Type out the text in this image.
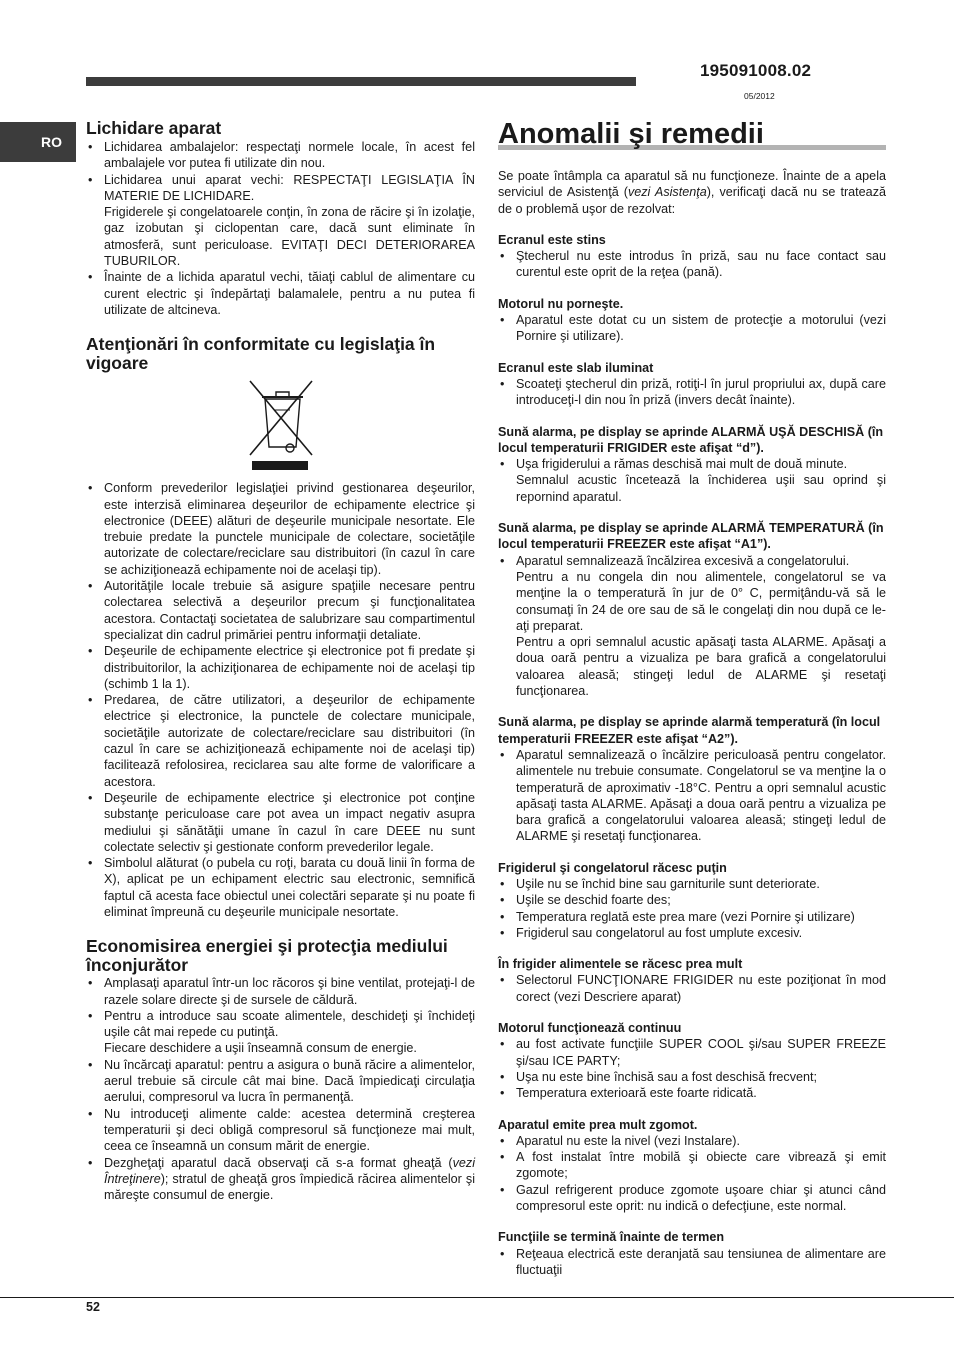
195091008.02
05/2012
RO
Lichidare aparat
• Lichidarea ambalajelor: respectaţi normele locale, în acest fel ambalajele vor putea fi utilizate din nou.
• Lichidarea unui aparat vechi: RESPECTAŢI LEGISLAŢIA ÎN MATERIE DE LICHIDARE.
Frigiderele şi congelatoarele conţin, în zona de răcire şi în izolaţie, gaz izobutan şi ciclopentan care, dacă sunt eliminate în atmosferă, sunt periculoase. EVITAŢI DECI DETERIORAREA TUBURILOR.
• Înainte de a lichida aparatul vechi, tăiaţi cablul de alimentare cu curent electric şi îndepărtaţi balamalele, pentru a nu putea fi utilizate de altcineva.
Atenţionări în conformitate cu legislaţia în vigoare
• Conform prevederilor legislaţiei privind gestionarea deşeurilor, este interzisă eliminarea deşeurilor de echipamente electrice şi electronice (DEEE) alături de deşeurile municipale nesortate. Ele trebuie predate la punctele municipale de colectare, societăţile autorizate de colectare/reciclare sau distribuitori (în cazul în care se achiziţionează echipamente noi de acelaşi tip).
• Autorităţile locale trebuie să asigure spaţiile necesare pentru colectarea selectivă a deşeurilor precum şi funcţionalitatea acestora. Contactaţi societatea de salubrizare sau compartimentul specializat din cadrul primăriei pentru informaţii detaliate.
• Deşeurile de echipamente electrice şi electronice pot fi predate şi distribuitorilor, la achiziţionarea de echipamente noi de acelaşi tip (schimb 1 la 1).
• Predarea, de către utilizatori, a deşeurilor de echipamente electrice şi electronice, la punctele de colectare municipale, societăţile autorizate de colectare/reciclare sau distribuitori (în cazul în care se achiziţionează echipamente noi de acelaşi tip) facilitează refolosirea, reciclarea sau alte forme de valorificare a acestora.
• Deşeurile de echipamente electrice şi electronice pot conţine substanţe periculoase care pot avea un impact negativ asupra mediului şi sănătăţii umane în cazul în care DEEE nu sunt colectate selectiv şi gestionate conform prevederilor legale.
• Simbolul alăturat (o pubela cu roţi, barata cu două linii în forma de X), aplicat pe un echipament electric sau electronic, semnifică faptul că acesta face obiectul unei colectări separate şi nu poate fi eliminat împreună cu deşeurile municipale nesortate.
Economisirea energiei şi protecţia mediului înconjurător
• Amplasaţi aparatul într-un loc răcoros şi bine ventilat, protejaţi-l de razele solare directe şi de sursele de căldură.
• Pentru a introduce sau scoate alimentele, deschideţi şi închideţi uşile cât mai repede cu putinţă.
Fiecare deschidere a uşii înseamnă consum de energie.
• Nu încărcaţi aparatul: pentru a asigura o bună răcire a alimentelor, aerul trebuie să circule cât mai bine. Dacă împiedicaţi circulaţia aerului, compresorul va lucra în permanenţă.
• Nu introduceţi alimente calde: acestea determină creşterea temperaturii şi deci obligă compresorul să funcţioneze mai mult, ceea ce înseamnă un consum mărit de energie.
• Dezgheţaţi aparatul dacă observaţi că s-a format gheaţă (vezi Întreţinere); stratul de gheaţă gros împiedică răcirea alimentelor şi măreşte consumul de energie.
Anomalii şi remedii

Se poate întâmpla ca aparatul să nu funcţioneze. Înainte de a apela serviciul de Asistenţă (vezi Asistenţa), verificaţi dacă nu se tratează de o problemă uşor de rezolvat:

Ecranul este stins

• Ştecherul nu este introdus în priză, sau nu face contact sau curentul este oprit de la reţea (pană).

Motorul nu porneşte.

• Aparatul este dotat cu un sistem de protecţie a motorului (vezi Pornire şi utilizare).

Ecranul este slab iluminat

• Scoateţi ştecherul din priză, rotiţi-l în jurul propriului ax, după care introduceţi-l din nou în priză (invers decât înainte).

Sună alarma, pe display se aprinde ALARMĂ UŞĂ DESCHISĂ (în locul temperaturii FRIGIDER este afişat “d”).

• Uşa frigiderului a rămas deschisă mai mult de două minute.
Semnalul acustic încetează la închiderea uşii sau oprind şi repornind aparatul.

Sună alarma, pe display se aprinde ALARMĂ TEMPERATURĂ (în locul temperaturii FREEZER este afişat “A1”).

• Aparatul semnalizează încălzirea excesivă a congelatorului.
Pentru a nu congela din nou alimentele, congelatorul se va menţine la o temperatură în jur de 0° C, permiţându-vă să le consumaţi în 24 de ore sau de să le congelaţi din nou după ce le-aţi preparat.
Pentru a opri semnalul acustic apăsaţi tasta ALARME. Apăsaţi a doua oară pentru a vizualiza pe bara grafică a congelatorului valoarea aleasă; stingeţi ledul de ALARME şi resetaţi funcţionarea.

Sună alarma, pe display se aprinde alarmă temperatură (în locul temperaturii FREEZER este afişat “A2”).

• Aparatul semnalizează o încălzire periculoasă pentru congelator. alimentele nu trebuie consumate. Congelatorul se va menţine la o temperatură de aproximativ -18°C. Pentru a opri semnalul acustic apăsaţi tasta ALARME. Apăsaţi a doua oară pentru a vizualiza pe bara grafică a congelatorului valoarea aleasă; stingeţi ledul de ALARME şi resetaţi funcţionarea.

Frigiderul şi congelatorul răcesc puţin

• Uşile nu se închid bine sau garniturile sunt deteriorate.
• Uşile se deschid foarte des;
• Temperatura reglată este prea mare (vezi Pornire şi utilizare)
• Frigiderul sau congelatorul au fost umplute excesiv.

În frigider alimentele se răcesc prea mult

• Selectorul FUNCŢIONARE FRIGIDER nu este poziţionat în mod corect (vezi Descriere aparat)

Motorul funcţionează continuu

• au fost activate funcţiile SUPER COOL şi/sau SUPER FREEZE şi/sau ICE PARTY;
• Uşa nu este bine închisă sau a fost deschisă frecvent;
• Temperatura exterioară este foarte ridicată.

Aparatul emite prea mult zgomot.

• Aparatul nu este la nivel (vezi Instalare).
• A fost instalat între mobilă şi obiecte care vibrează şi emit zgomote;
• Gazul refrigerent produce zgomote uşoare chiar şi atunci când compresorul este oprit: nu indică o defecţiune, este normal.

Funcţiile se termină înainte de termen

• Reţeaua electrică este deranjată sau tensiunea de alimentare are fluctuaţii
52
